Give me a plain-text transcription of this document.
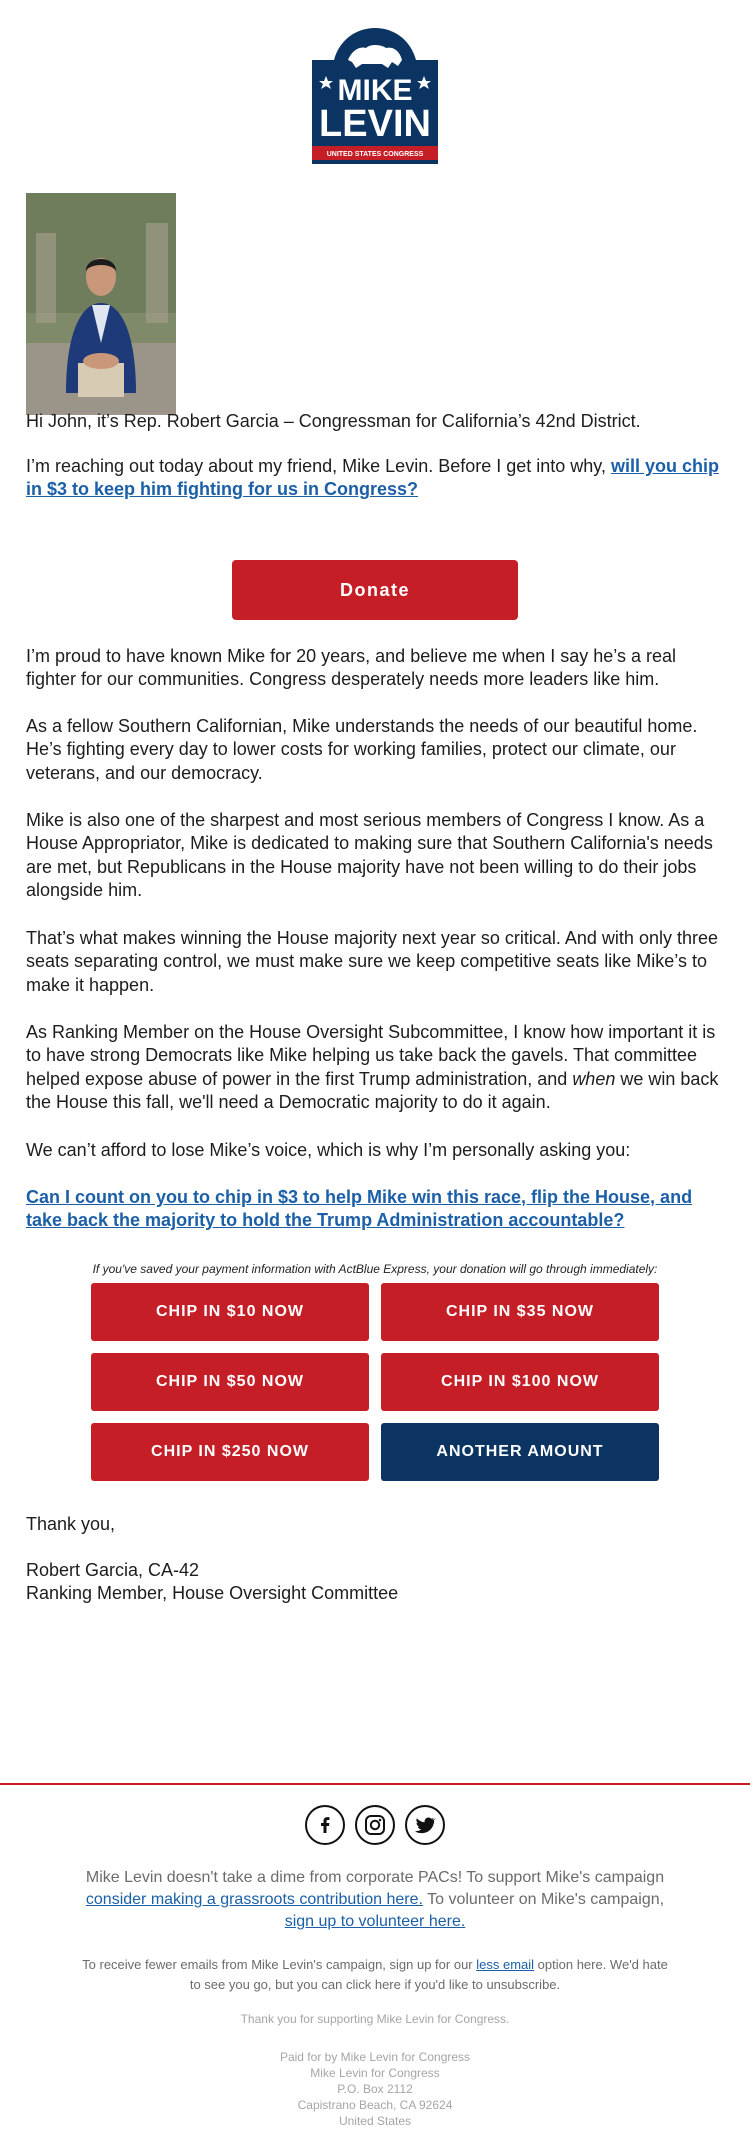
MIKE
LEVIN
UNITED STATES CONGRESS

Hi John, it’s Rep. Robert Garcia – Congressman for California’s 42nd District.

I’m reaching out today about my friend, Mike Levin. Before I get into why, will you chip in $3 to keep him fighting for us in Congress?

Donate

I’m proud to have known Mike for 20 years, and believe me when I say he’s a real fighter for our communities. Congress desperately needs more leaders like him.

As a fellow Southern Californian, Mike understands the needs of our beautiful home. He’s fighting every day to lower costs for working families, protect our climate, our veterans, and our democracy.

Mike is also one of the sharpest and most serious members of Congress I know. As a House Appropriator, Mike is dedicated to making sure that Southern California's needs are met, but Republicans in the House majority have not been willing to do their jobs alongside him.

That’s what makes winning the House majority next year so critical. And with only three seats separating control, we must make sure we keep competitive seats like Mike’s to make it happen.

As Ranking Member on the House Oversight Subcommittee, I know how important it is to have strong Democrats like Mike helping us take back the gavels. That committee helped expose abuse of power in the first Trump administration, and when we win back the House this fall, we'll need a Democratic majority to do it again.

We can’t afford to lose Mike’s voice, which is why I’m personally asking you:

Can I count on you to chip in $3 to help Mike win this race, flip the House, and take back the majority to hold the Trump Administration accountable?

If you've saved your payment information with ActBlue Express, your donation will go through immediately:
CHIP IN $10 NOW	CHIP IN $35 NOW
CHIP IN $50 NOW	CHIP IN $100 NOW
CHIP IN $250 NOW	ANOTHER AMOUNT
Thank you,
Robert Garcia, CA-42
Ranking Member, House Oversight Committee
Mike Levin doesn't take a dime from corporate PACs! To support Mike's campaign consider making a grassroots contribution here. To volunteer on Mike's campaign, sign up to volunteer here.
To receive fewer emails from Mike Levin's campaign, sign up for our less email option here. We'd hate to see you go, but you can click here if you'd like to unsubscribe.
Thank you for supporting Mike Levin for Congress.
Paid for by Mike Levin for Congress
Mike Levin for Congress
P.O. Box 2112
Capistrano Beach, CA 92624
United States
